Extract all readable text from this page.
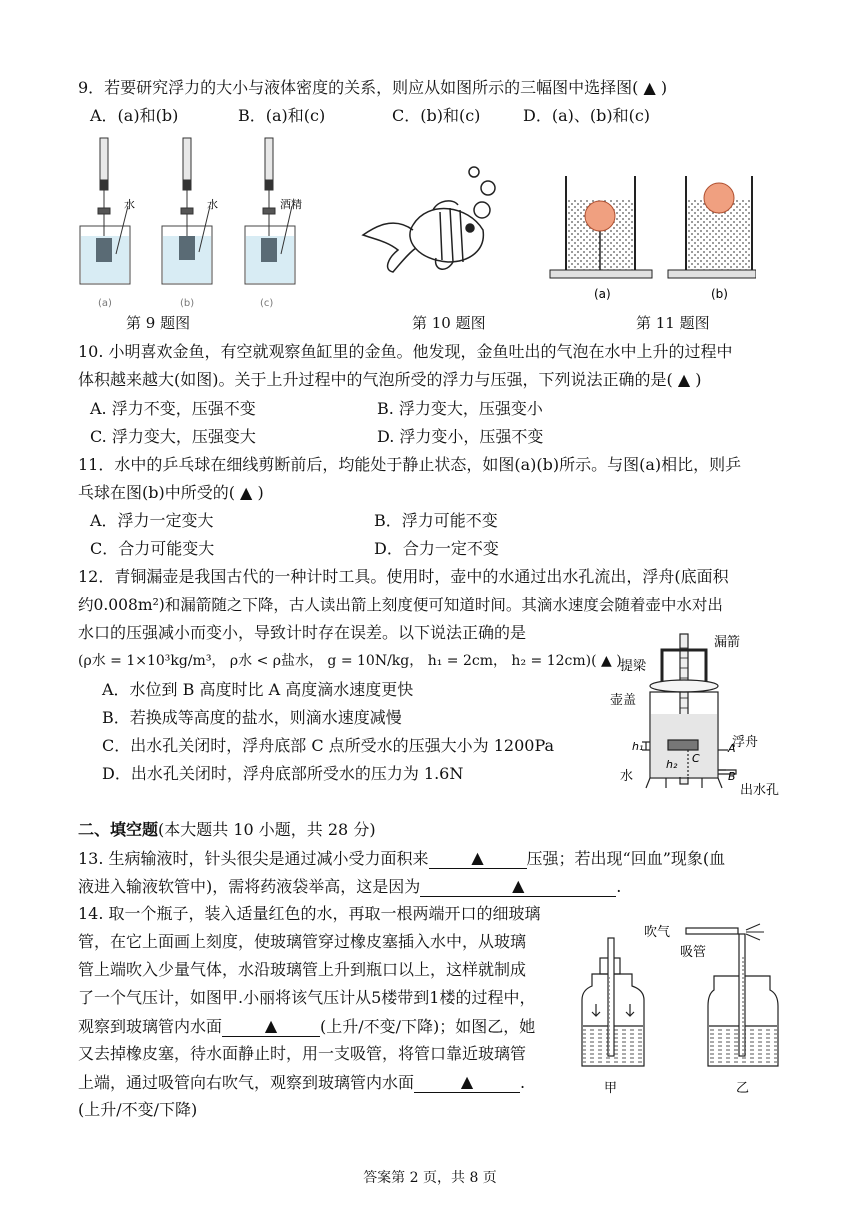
9．若要研究浮力的大小与液体密度的关系，则应从如图所示的三幅图中选择图( ▲ )
A．(a)和(b)	B．(a)和(c)	C．(b)和(c)	D．(a)、(b)和(c)
水	水	酒精
(a)	(b)	(c)
第 9 题图	第 10 题图
(a)	(b)
第 11 题图
10. 小明喜欢金鱼，有空就观察鱼缸里的金鱼。他发现，金鱼吐出的气泡在水中上升的过程中
体积越来越大(如图)。关于上升过程中的气泡所受的浮力与压强，下列说法正确的是( ▲ )
A. 浮力不变，压强不变	B. 浮力变大，压强变小
C. 浮力变大，压强变大	D. 浮力变小，压强不变
11．水中的乒乓球在细线剪断前后，均能处于静止状态，如图(a)(b)所示。与图(a)相比，则乒
乓球在图(b)中所受的( ▲ )
A．浮力一定变大	B．浮力可能不变
C．合力可能变大	D．合力一定不变
12．青铜漏壶是我国古代的一种计时工具。使用时，壶中的水通过出水孔流出，浮舟(底面积
约0.008m²)和漏箭随之下降，古人读出箭上刻度便可知道时间。其滴水速度会随着壶中水对出
水口的压强减小而变小，导致计时存在误差。以下说法正确的是
(ρ水 = 1×10³kg/m³， ρ水 < ρ盐水， g = 10N/kg， h₁ = 2cm， h₂ = 12cm)( ▲ )
A．水位到 B 高度时比 A 高度滴水速度更快
B．若换成等高度的盐水，则滴水速度减慢
C．出水孔关闭时，浮舟底部 C 点所受水的压强大小为 1200Pa
D．出水孔关闭时，浮舟底部所受水的压力为 1.6N
漏箭
提梁
壶盖
浮舟
水
出水孔
h₁
h₂
A
B
C
二、填空题(本大题共 10 小题，共 28 分)
13. 生病输液时，针头很尖是通过减小受力面积来	▲	压强；若出现“回血”现象(血
液进入输液软管中)，需将药液袋举高，这是因为	▲	.
14. 取一个瓶子，装入适量红色的水，再取一根两端开口的细玻璃
管，在它上面画上刻度，使玻璃管穿过橡皮塞插入水中，从玻璃
管上端吹入少量气体，水沿玻璃管上升到瓶口以上，这样就制成
了一个气压计，如图甲.小丽将该气压计从5楼带到1楼的过程中，
观察到玻璃管内水面	▲	(上升/不变/下降)；如图乙，她
又去掉橡皮塞，待水面静止时，用一支吸管，将管口靠近玻璃管
上端，通过吸管向右吹气，观察到玻璃管内水面	▲	.
(上升/不变/下降)
吹气
吸管
甲	乙
答案第 2 页，共 8 页
